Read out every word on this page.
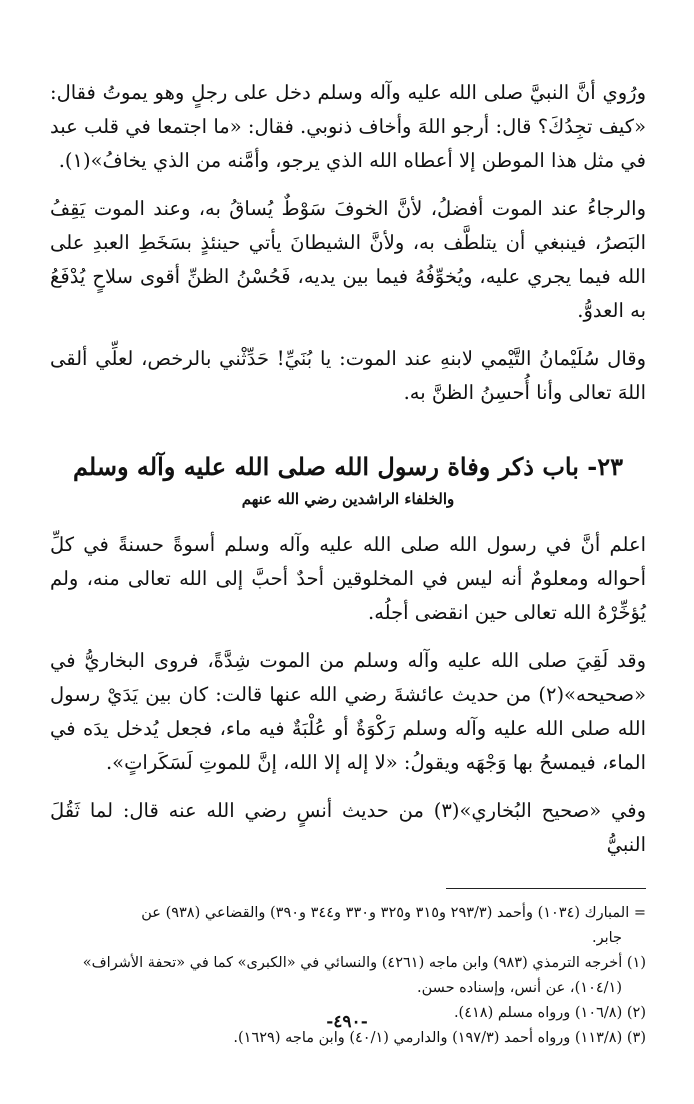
ورُوي أنَّ النبيَّ صلى الله عليه وآله وسلم دخل على رجلٍ وهو يموتُ فقال: «كيف تجِدُكَ؟ قال: أرجو اللهَ وأخاف ذنوبي. فقال: «ما اجتمعا في قلب عبد في مثل هذا الموطن إلا أعطاه الله الذي يرجو، وأمَّنه من الذي يخافُ»(١).

والرجاءُ عند الموت أفضلُ، لأنَّ الخوفَ سَوْطٌ يُساقُ به، وعند الموت يَقِفُ البَصرُ، فينبغي أن يتلطَّف به، ولأنَّ الشيطانَ يأتي حينئذٍ بسَخَطِ العبدِ على الله فيما يجري عليه، ويُخوِّفُهُ فيما بين يديه، فَحُسْنُ الظنِّ أقوى سلاحٍ يُدْفَعُ به العدوُّ.

وقال سُلَيْمانُ التَّيْمي لابنهِ عند الموت: يا بُنَيِّ! حَدِّثْني بالرخص، لعلِّي ألقى اللهَ تعالى وأنا أُحسِنُ الظنَّ به.

٢٣- باب ذكر وفاة رسول الله صلى الله عليه وآله وسلم
والخلفاء الراشدين رضي الله عنهم

اعلم أنَّ في رسول الله صلى الله عليه وآله وسلم أسوةً حسنةً في كلِّ أحواله ومعلومٌ أنه ليس في المخلوقين أحدٌ أحبَّ إلى الله تعالى منه، ولم يُؤخِّرْهُ الله تعالى حين انقضى أجلُه.

وقد لَقِيَ صلى الله عليه وآله وسلم من الموت شِدَّةً، فروى البخاريُّ في «صحيحه»(٢) من حديث عائشةَ رضي الله عنها قالت: كان بين يَدَيْ رسول الله صلى الله عليه وآله وسلم رَكْوَةٌ أو عُلْبَةٌ فيه ماء، فجعل يُدخل يدَه في الماء، فيمسحُ بها وَجْهَه ويقولُ: «لا إله إلا الله، إنَّ للموتِ لَسَكَراتٍ».

وفي «صحيح البُخاري»(٣) من حديث أنسٍ رضي الله عنه قال: لما ثَقُلَ النبيُّ

= المبارك (١٠٣٤) وأحمد (٢٩٣/٣ و٣١٥ و٣٢٥ و٣٣٠ و٣٤٤ و٣٩٠) والقضاعي (٩٣٨) عن

جابر.

(١) أخرجه الترمذي (٩٨٣) وابن ماجه (٤٢٦١) والنسائي في «الكبرى» كما في «تحفة الأشراف»

(١٠٤/١)، عن أنس، وإسناده حسن.

(٢) (١٠٦/٨) ورواه مسلم (٤١٨).

(٣) (١١٣/٨) ورواه أحمد (١٩٧/٣) والدارمي (٤٠/١) وابن ماجه (١٦٢٩).

-٤٩٠-
